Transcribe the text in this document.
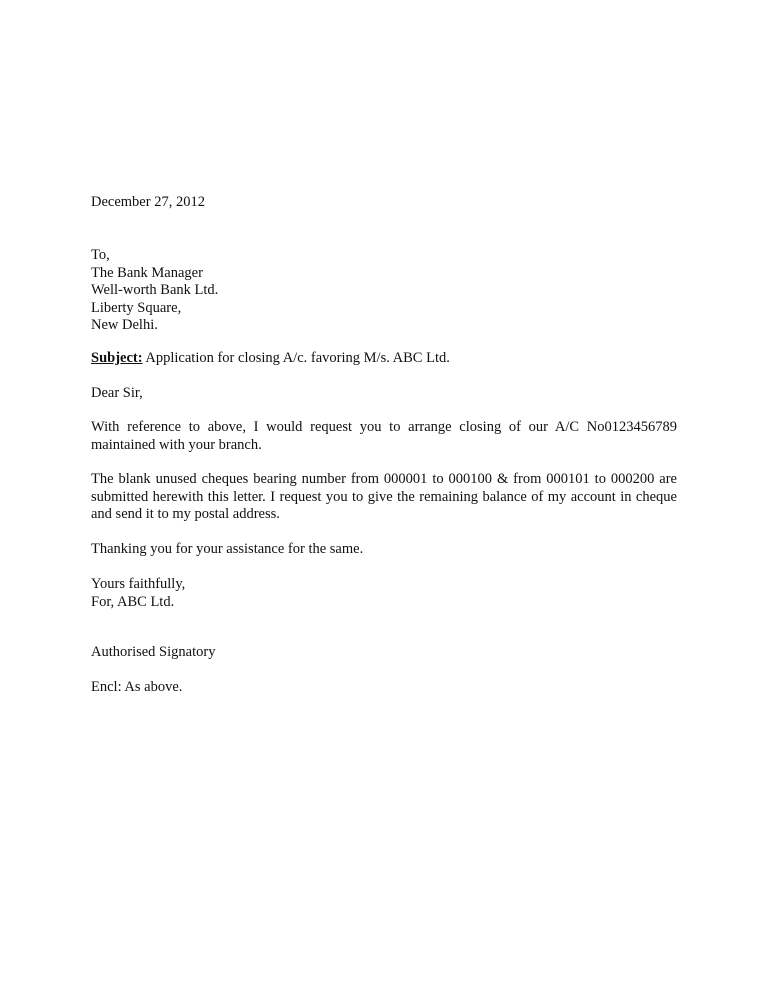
December 27, 2012

To,
The Bank Manager
Well-worth Bank Ltd.
Liberty Square,
New Delhi.

Subject: Application for closing A/c. favoring M/s. ABC Ltd.

Dear Sir,

With reference to above, I would request you to arrange closing of our A/C No0123456789 maintained with your branch.

The blank unused cheques bearing number from 000001 to 000100 & from 000101 to 000200 are submitted herewith this letter. I request you to give the remaining balance of my account in cheque and send it to my postal address.

Thanking you for your assistance for the same.

Yours faithfully,
For, ABC Ltd.

Authorised Signatory

Encl: As above.
